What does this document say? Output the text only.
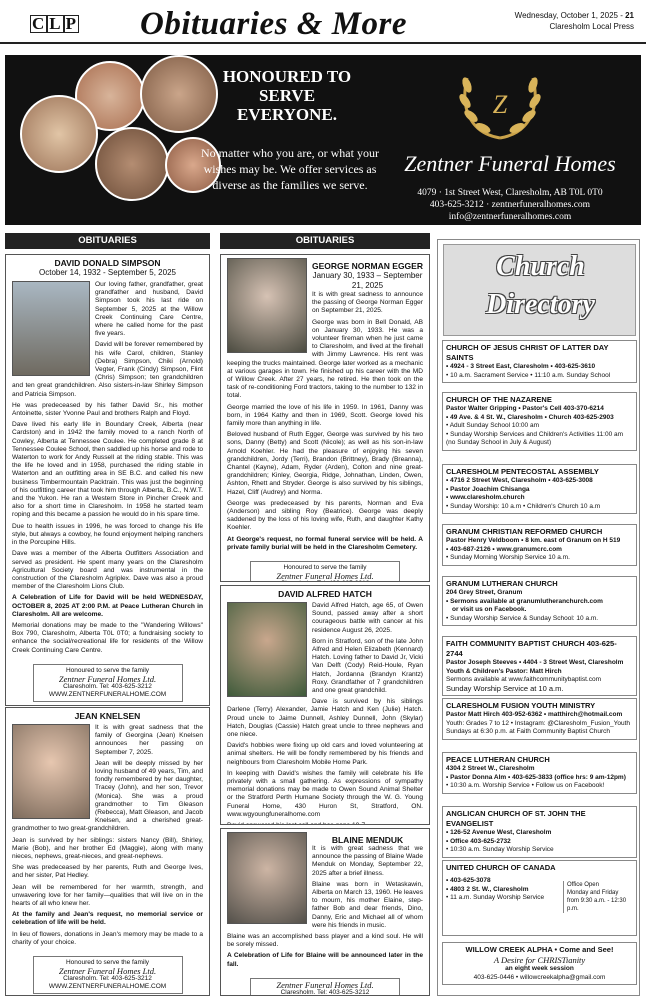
C L P Obituaries & More	Wednesday, October 1, 2025 - 21
Claresholm Local Press
HONOURED TO SERVE EVERYONE.
No matter who you are, or what your wishes may be. We offer services as diverse as the families we serve.
Z
Zentner Funeral Homes
4079 · 1st Street West, Claresholm, AB T0L 0T0
403-625-3212 · zentnerfuneralhomes.com
info@zentnerfuneralhomes.com
OBITUARIES
DAVID DONALD SIMPSON
October 14, 1932 - September 5, 2025

Our loving father, grandfather, great grandfather and husband, David Simpson took his last ride on September 5, 2025 at the Willow Creek Continuing Care Centre, where he called home for the past five years.

David will be forever remembered by his wife Carol, children, Stanley (Debra) Simpson, Chiki (Arnold) Vegter, Frank (Cindy) Simpson, Flint (Chris) Simpson; ten grandchildren and ten great grandchildren. Also sisters-in-law Shirley Simpson and Patricia Simpson.

He was predeceased by his father David Sr., his mother Antoinette, sister Yvonne Paul and brothers Ralph and Floyd.

Dave lived his early life in Boundary Creek, Alberta (near Cardston) and in 1942 the family moved to a ranch North of Cowley, Alberta at Tennessee Coulee. He completed grade 8 at Tennessee Coulee School, then saddled up his horse and rode to Waterton to work for Andy Russell at the riding stable. This was the life he loved and in 1958, purchased the riding stable in Waterton and an outfitting area in SE B.C. and called his new business Timbermountain Packtrain. This was just the beginning of his outfitting career that took him through Alberta, B.C., N.W.T. and the Yukon. He ran a Western Store in Pincher Creek and also for a short time in Claresholm. In 1958 he started team roping and this became a passion he would do in his spare time.

Due to health issues in 1996, he was forced to change his life style, but always a cowboy, he found enjoyment helping ranchers in the Porcupine Hills.

Dave was a member of the Alberta Outfitters Association and served as president. He spent many years on the Claresholm Agricultural Society board and was instrumental in the construction of the Claresholm Agriplex. Dave was also a proud member of the Claresholm Lions Club.

A Celebration of Life for David will be held WEDNESDAY, OCTOBER 8, 2025 AT 2:00 P.M. at Peace Lutheran Church in Claresholm. All are welcome.

Memorial donations may be made to the "Wandering Willows" Box 790, Claresholm, Alberta T0L 0T0; a fundraising society to enhance the social/recreational life for residents of the Willow Creek Continuing Care Centre.

Honoured to serve the family
Zentner Funeral Homes Ltd.
Claresholm. Tel: 403-625-3212
WWW.ZENTNERFUNERALHOME.COM
JEAN KNELSEN

It is with great sadness that the family of Georgina (Jean) Knelsen announces her passing on September 7, 2025.

Jean will be deeply missed by her loving husband of 49 years, Tim, and fondly remembered by her daughter, Tracey (John), and her son, Trevor (Monica). She was a proud grandmother to Tim Gleason (Rebecca), Matt Gleason, and Jacob Knelsen, and a cherished great-grandmother to two great-grandchildren.

Jean is survived by her siblings: sisters Nancy (Bill), Shirley, Marie (Bob), and her brother Ed (Maggie), along with many nieces, nephews, great-nieces, and great-nephews.

She was predeceased by her parents, Ruth and George Ives, and her sister, Pat Hedley.

Jean will be remembered for her warmth, strength, and unwavering love for her family—qualities that will live on in the hearts of all who knew her.

At the family and Jean's request, no memorial service or celebration of life will be held.

In lieu of flowers, donations in Jean's memory may be made to a charity of your choice.

Honoured to serve the family
Zentner Funeral Homes Ltd.
Claresholm. Tel: 403-625-3212
WWW.ZENTNERFUNERALHOME.COM
OBITUARIES
GEORGE NORMAN EGGER
January 30, 1933 – September 21, 2025

It is with great sadness to announce the passing of George Norman Egger on September 21, 2025.

George was born in Bell Donald, AB on January 30, 1933. He was a volunteer fireman when he just came to Claresholm, and lived at the firehall with Jimmy Lawrence. His rent was keeping the trucks maintained. George later worked as a mechanic at various garages in town. He finished up his career with the MD of Willow Creek. After 27 years, he retired. He then took on the task of re-conditioning Ford tractors, taking to the number to 132 in total.

George married the love of his life in 1959. In 1961, Danny was born, in 1964 Kathy and then in 1969, Scott. George loved his family more than anything in life.

Beloved husband of Ruth Egger, George was survived by his two sons, Danny (Betty) and Scott (Nicole); as well as his son-in-law Arnold Koehler. He had the pleasure of enjoying his seven grandchildren, Jordy (Terri), Brandon (Brittney), Brady (Breanna), Chantel (Kayne), Adam, Ryder (Arden), Colton and nine great-grandchildren; Kinley, Georgia, Ridge, Johnathan, Linden, Owen, Ashton, Rhett and Stryder. George is also survived by his siblings, Hazel, Cliff (Audrey) and Norma.

George was predeceased by his parents, Norman and Eva (Anderson) and sibling Roy (Beatrice). George was deeply saddened by the loss of his loving wife, Ruth, and daughter Kathy Koehler.

At George's request, no formal funeral service will be held. A private family burial will be held in the Claresholm Cemetery.

Honoured to serve the family
Zentner Funeral Homes Ltd.
DAVID ALFRED HATCH

David Alfred Hatch, age 65, of Owen Sound, passed away after a short courageous battle with cancer at his residence August 26, 2025.

Born in Stratford, son of the late John Alfred and Helen Elizabeth (Kennard) Hatch. Loving father to David Jr, Vicki Van Delft (Cody) Reid-Houle, Ryan Hatch, Jordanna (Brandyn Krantz) Roxy. Grandfather of 7 grandchildren and one great grandchild.

Dave is survived by his siblings Darlene (Terry) Alexander, Jamie Hatch and Ken (Julie) Hatch. Proud uncle to Jaime Dunnell, Ashley Dunnell, John (Skylar) Hatch, Douglas (Cassie) Hatch great uncle to three nephews and one niece.

David's hobbies were fixing up old cars and loved volunteering at animal shelters. He will be fondly remembered by his friends and neighbours from Claresholm Mobile Home Park.

In keeping with David's wishes the family will celebrate his life privately with a small gathering. As expressions of sympathy memorial donations may be made to Owen Sound Animal Shelter or the Stratford Perth Humane Society through the W. G. Young Funeral Home, 430 Huron St, Stratford, ON. www.wgyoungfuneralhome.com

BLAINE MENDUK

It is with great sadness that we announce the passing of Blaine Wade Menduk on Monday, September 22, 2025 after a brief illness.

Blaine was born in Wetaskawin, Alberta on March 13, 1960. He leaves to mourn, his mother Elaine, step-father Bob and dear friends, Dino, Danny, Eric and Michael all of whom were his friends in music.

Blaine was an accomplished bass player and a kind soul. He will be sorely missed.

A Celebration of Life for Blaine will be announced later in the fall.

Zentner Funeral Homes Ltd.
Claresholm. Tel: 403-625-3212
Church
Directory
CHURCH OF JESUS CHRIST OF LATTER DAY SAINTS
• 4924 - 3 Street East, Claresholm • 403-625-3610
• 10 a.m. Sacrament Service • 11:10 a.m. Sunday School
CHURCH OF THE NAZARENE
Pastor Walter Gripping • Pastor's Cell 403-370-6214
• 49 Ave. & 4 St. W., Claresholm • Church 403-625-2903
• Adult Sunday School 10:00 am
• Sunday Worship Services and Children's Activities 11:00 am
(no Sunday School in July & August)
CLARESHOLM PENTECOSTAL ASSEMBLY
• 4716 2 Street West, Claresholm • 403-625-3008
• Pastor Joachim Chisanga
• www.claresholm.church
• Sunday Worship: 10 a.m • Children's Church 10 a.m
GRANUM CHRISTIAN REFORMED CHURCH
Pastor Henry Veldboom • 8 km. east of Granum on H 519
• 403-687-2126 • www.granumcrc.com
• Sunday Morning Worship Service 10 a.m.
GRANUM LUTHERAN CHURCH
204 Grey Street, Granum
• Sermons available at granumlutheranchurch.com
or visit us on Facebook.
• Sunday Worship Service & Sunday School: 10 a.m.
FAITH COMMUNITY BAPTIST CHURCH 403-625-2744
Pastor Joseph Steeves • 4404 - 3 Street West, Claresholm
Youth & Children's Pastor: Matt Hirch
Sermons available at www.faithcommunitybaptist.com
Sunday Worship Service at 10 a.m.
CLARESHOLM FUSION YOUTH MINISTRY
Pastor Matt Hirch 403-952-6362 • matthirch@hotmail.com
Youth: Grades 7 to 12 • Instagram: @Claresholm_Fusion_Youth
Sundays at 6:30 p.m. at Faith Community Baptist Church
PEACE LUTHERAN CHURCH
4304 2 Street W., Claresholm
• Pastor Donna Alm • 403-625-3833 (office hrs: 9 am-12pm)
• 10:30 a.m. Worship Service • Follow us on Facebook!
ANGLICAN CHURCH OF ST. JOHN THE EVANGELIST
• 126-52 Avenue West, Claresholm
• Office 403-625-2732
• 10:30 a.m. Sunday Worship Service
UNITED CHURCH OF CANADA
• 403-625-3078
• 4803 2 St. W., Claresholm
• 11 a.m. Sunday Worship Service
Office Open
Monday and Friday
from 9:30 a.m. - 12:30 p.m.
WILLOW CREEK ALPHA • Come and See!
A Desire for CHRISTianity
an eight week session
403-625-0446 • willowcreekalpha@gmail.com
